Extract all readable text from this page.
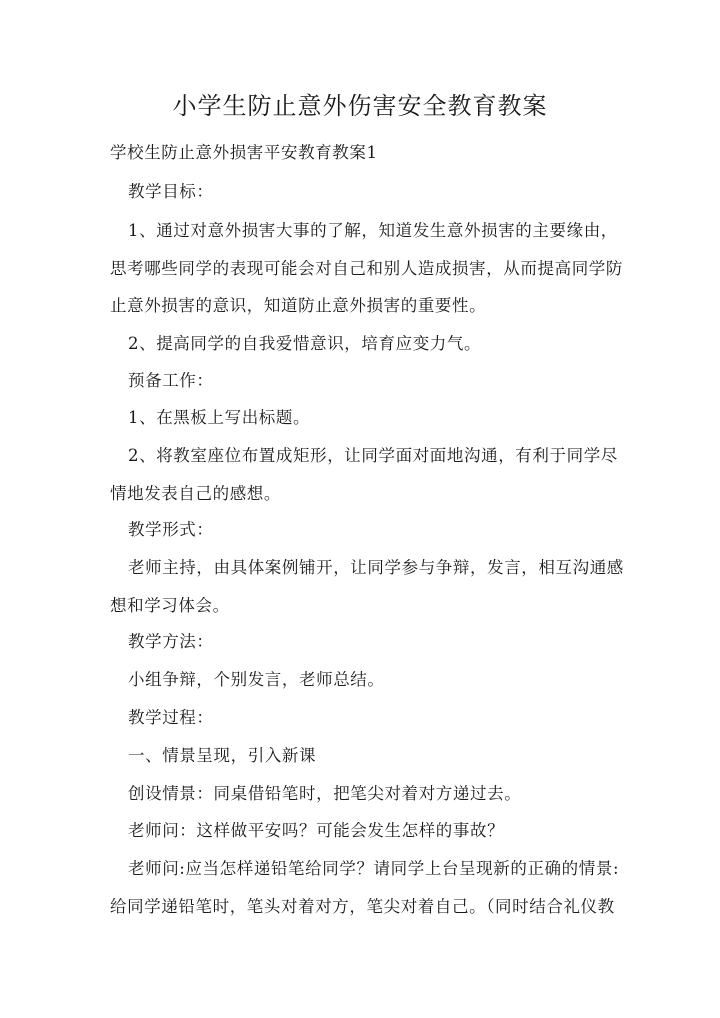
小学生防止意外伤害安全教育教案
学校生防止意外损害平安教育教案1
教学目标：
1、通过对意外损害大事的了解，知道发生意外损害的主要缘由，
思考哪些同学的表现可能会对自己和别人造成损害，从而提高同学防
止意外损害的意识，知道防止意外损害的重要性。
2、提高同学的自我爱惜意识，培育应变力气。
预备工作：
1、在黑板上写出标题。
2、将教室座位布置成矩形，让同学面对面地沟通，有利于同学尽
情地发表自己的感想。
教学形式：
老师主持，由具体案例铺开，让同学参与争辩，发言，相互沟通感
想和学习体会。
教学方法：
小组争辩，个别发言，老师总结。
教学过程：
一、情景呈现，引入新课
创设情景：同桌借铅笔时，把笔尖对着对方递过去。
老师问：这样做平安吗？可能会发生怎样的事故？
老师问:应当怎样递铅笔给同学？请同学上台呈现新的正确的情景:
给同学递铅笔时，笔头对着对方，笔尖对着自己。（同时结合礼仪教
